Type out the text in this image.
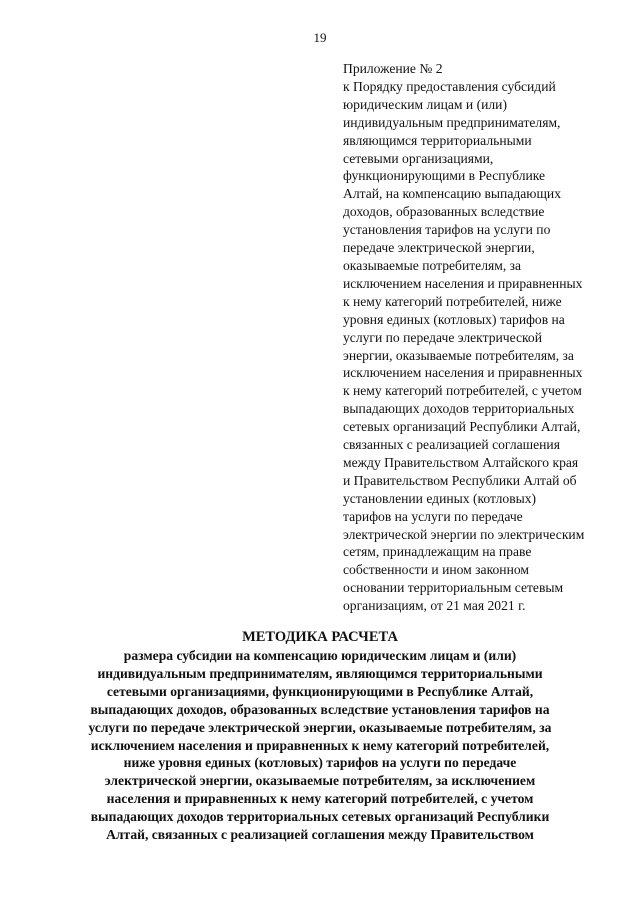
19
Приложение № 2
к Порядку предоставления субсидий
юридическим лицам и (или)
индивидуальным предпринимателям,
являющимся территориальными
сетевыми организациями,
функционирующими в Республике
Алтай, на компенсацию выпадающих
доходов, образованных вследствие
установления тарифов на услуги по
передаче электрической энергии,
оказываемые потребителям, за
исключением населения и приравненных
к нему категорий потребителей, ниже
уровня единых (котловых) тарифов на
услуги по передаче электрической
энергии, оказываемые потребителям, за
исключением населения и приравненных
к нему категорий потребителей, с учетом
выпадающих доходов территориальных
сетевых организаций Республики Алтай,
связанных с реализацией соглашения
между Правительством Алтайского края
и Правительством Республики Алтай об
установлении единых (котловых)
тарифов на услуги по передаче
электрической энергии по электрическим
сетям, принадлежащим на праве
собственности и ином законном
основании территориальным сетевым
организациям, от 21 мая 2021 г.
МЕТОДИКА РАСЧЕТА
размера субсидии на компенсацию юридическим лицам и (или)
индивидуальным предпринимателям, являющимся территориальными
сетевыми организациями, функционирующими в Республике Алтай,
выпадающих доходов, образованных вследствие установления тарифов на
услуги по передаче электрической энергии, оказываемые потребителям, за
исключением населения и приравненных к нему категорий потребителей,
ниже уровня единых (котловых) тарифов на услуги по передаче
электрической энергии, оказываемые потребителям, за исключением
населения и приравненных к нему категорий потребителей, с учетом
выпадающих доходов территориальных сетевых организаций Республики
Алтай, связанных с реализацией соглашения между Правительством
